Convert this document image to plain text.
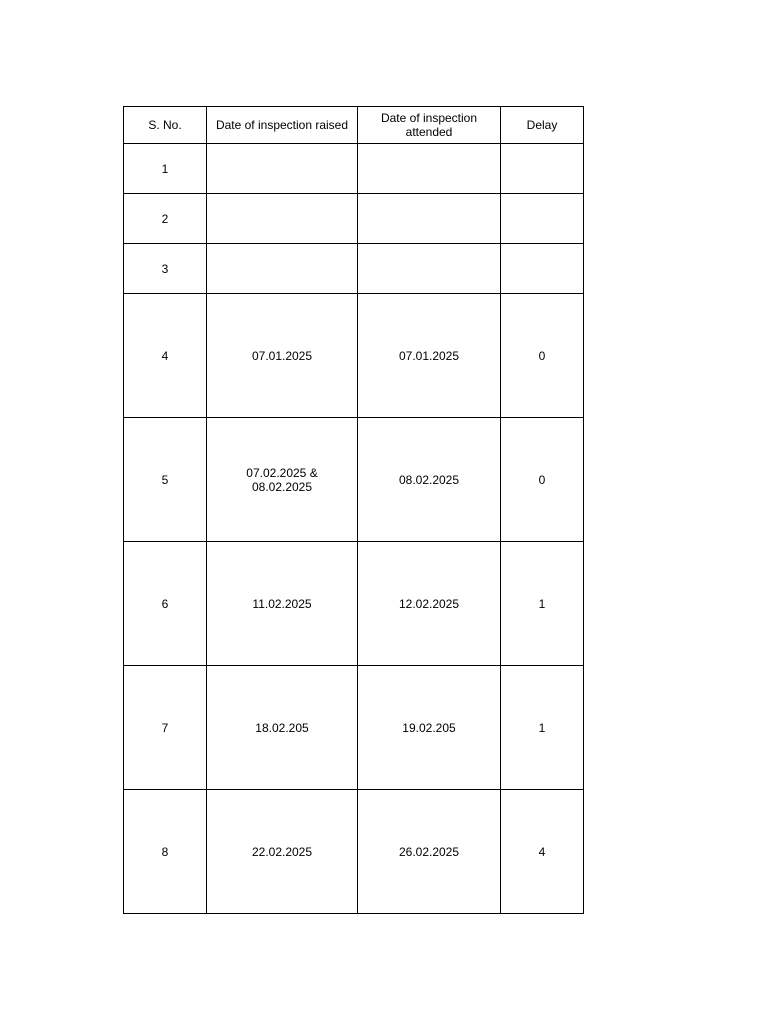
S. No.	Date of inspection raised	Date of inspection
attended	Delay
1			
2			
3			
4	07.01.2025	07.01.2025	0
5	07.02.2025 &
08.02.2025	08.02.2025	0
6	11.02.2025	12.02.2025	1
7	18.02.205	19.02.205	1
8	22.02.2025	26.02.2025	4
